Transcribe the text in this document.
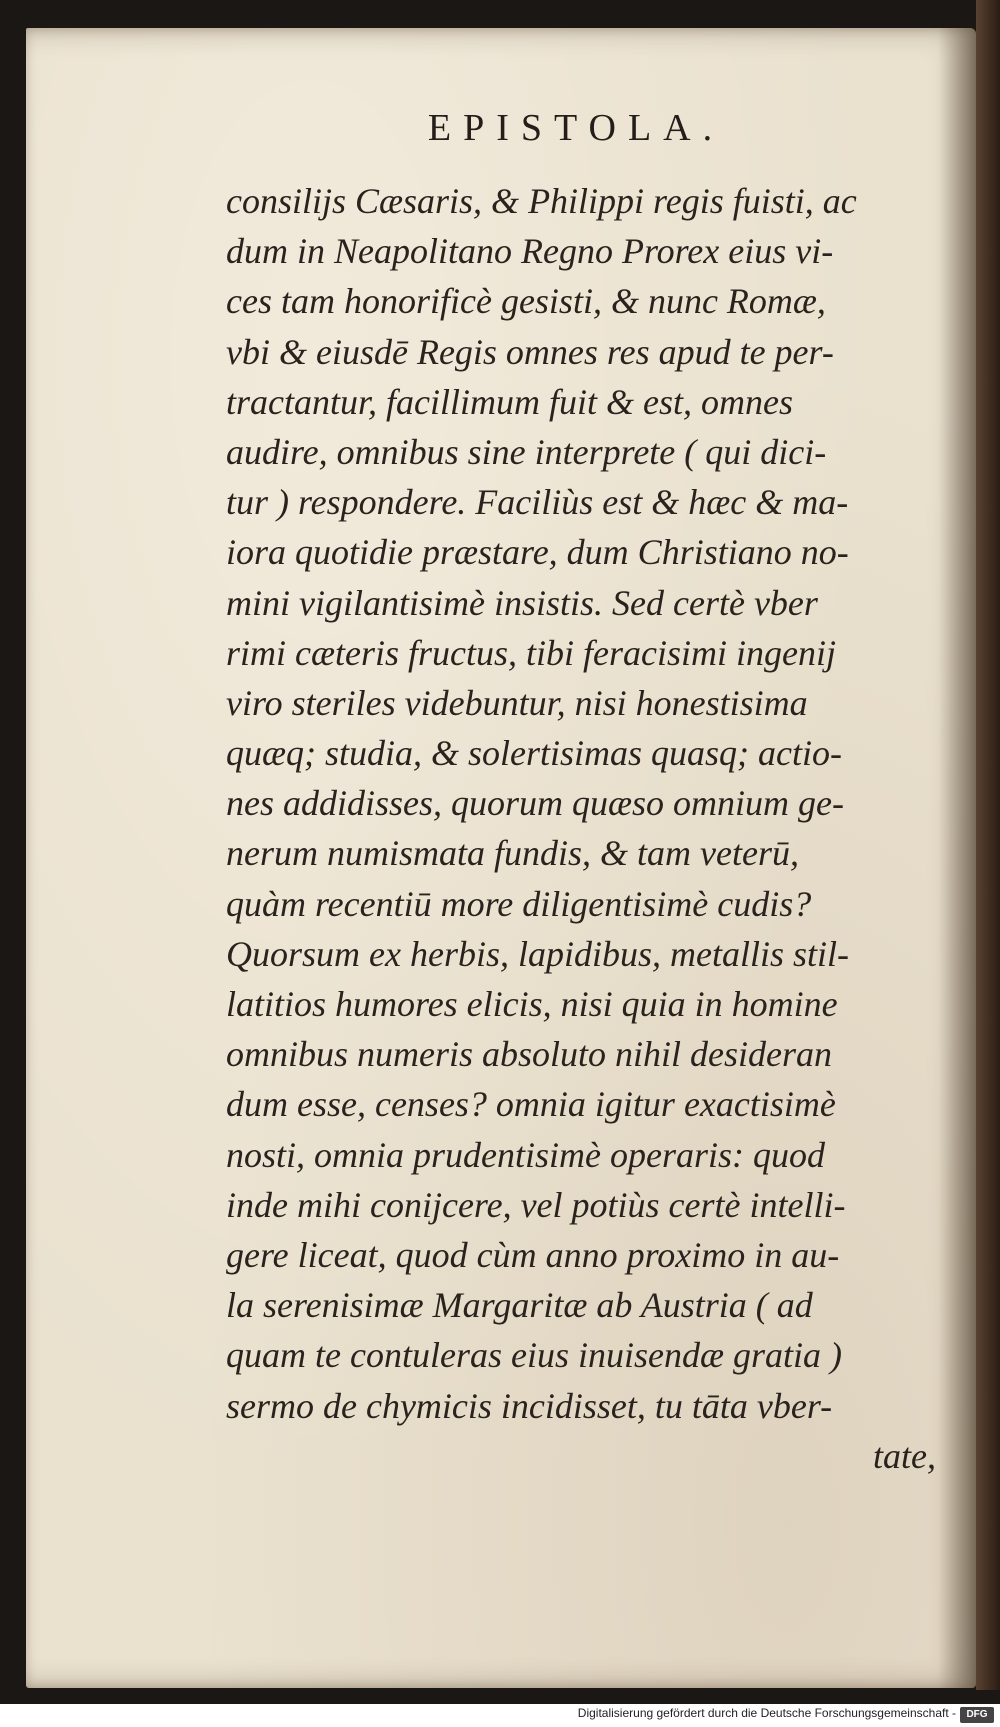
EPISTOLA.
consilijs Cæsaris, & Philippi regis fuisti, ac
dum in Neapolitano Regno Prorex eius vi-
ces tam honorificè gesisti, & nunc Romæ,
vbi & eiusdē Regis omnes res apud te per-
tractantur, facillimum fuit & est, omnes
audire, omnibus sine interprete ( qui dici-
tur ) respondere. Faciliùs est & hæc & ma-
iora quotidie præstare, dum Christiano no-
mini vigilantisimè insistis. Sed certè vber
rimi cæteris fructus, tibi feracisimi ingenij
viro steriles videbuntur, nisi honestisima
quæq; studia, & solertisimas quasq; actio-
nes addidisses, quorum quæso omnium ge-
nerum numismata fundis, & tam veterū,
quàm recentiū more diligentisimè cudis?
Quorsum ex herbis, lapidibus, metallis stil-
latitios humores elicis, nisi quia in homine
omnibus numeris absoluto nihil desideran
dum esse, censes? omnia igitur exactisimè
nosti, omnia prudentisimè operaris: quod
inde mihi conijcere, vel potiùs certè intelli-
gere liceat, quod cùm anno proximo in au-
la serenisimæ Margaritæ ab Austria ( ad
quam te contuleras eius inuisendæ gratia )
sermo de chymicis incidisset, tu tāta vber-
tate,
Digitalisierung gefördert durch die Deutsche Forschungsgemeinschaft -	DFG
